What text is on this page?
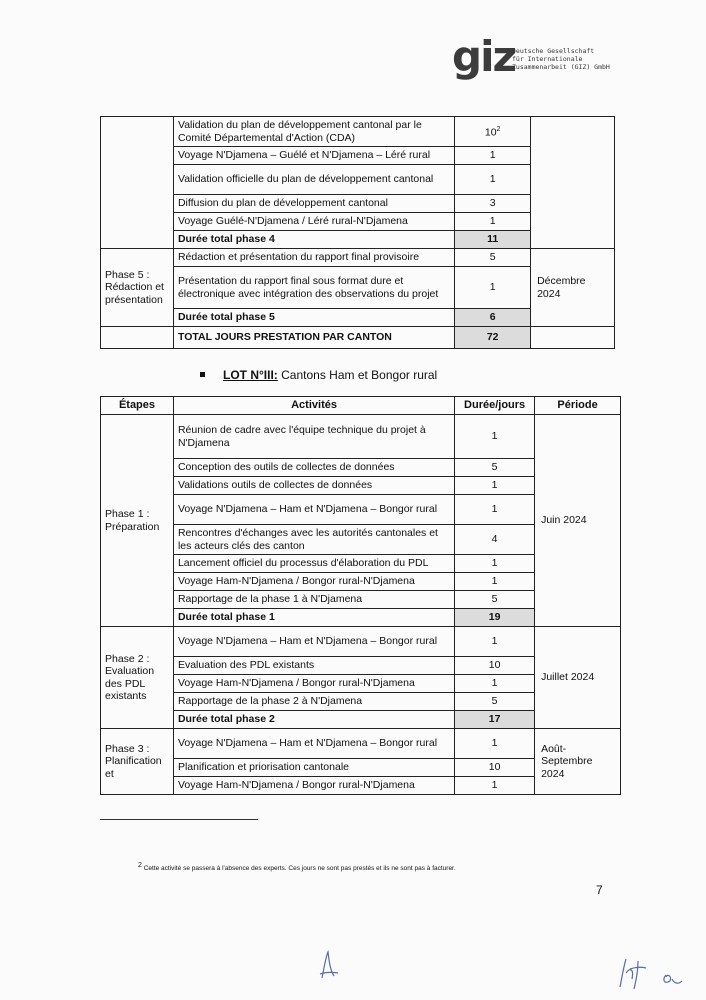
giz
Deutsche Gesellschaft
für Internationale
Zusammenarbeit (GIZ) GmbH
	Validation du plan de développement cantonal par le Comité Départemental d'Action (CDA)	$10^2$	
	Voyage N'Djamena – Guélé et N'Djamena – Léré rural	1	
	Validation officielle du plan de développement cantonal	1	
	Diffusion du plan de développement cantonal	3	
	Voyage Guélé-N'Djamena / Léré rural-N'Djamena	1	
	Durée total phase 4	11	
Phase 5 : Rédaction et présentation	Rédaction et présentation du rapport final provisoire	5	Décembre 2024
	Présentation du rapport final sous format dure et électronique avec intégration des observations du projet	1	
	Durée total phase 5	6	
	TOTAL JOURS PRESTATION PAR CANTON	72	
LOT N°III: Cantons Ham et Bongor rural
Étapes	Activités	Durée/jours	Période
Phase 1 : Préparation	Réunion de cadre avec l'équipe technique du projet à N'Djamena	1	Juin 2024
	Conception des outils de collectes de données	5	
	Validations outils de collectes de données	1	
	Voyage N'Djamena – Ham et N'Djamena – Bongor rural	1	
	Rencontres d'échanges avec les autorités cantonales et les acteurs clés des canton	4	
	Lancement officiel du processus d'élaboration du PDL	1	
	Voyage Ham-N'Djamena / Bongor rural-N'Djamena	1	
	Rapportage de la phase 1 à N'Djamena	5	
	Durée total phase 1	19	
Phase 2 : Evaluation des PDL existants	Voyage N'Djamena – Ham et N'Djamena – Bongor rural	1	Juillet 2024
	Evaluation des PDL existants	10	
	Voyage Ham-N'Djamena / Bongor rural-N'Djamena	1	
	Rapportage de la phase 2 à N'Djamena	5	
	Durée total phase 2	17	
Phase 3 : Planification et	Voyage N'Djamena – Ham et N'Djamena – Bongor rural	1	Août-Septembre 2024
	Planification et priorisation cantonale	10	
	Voyage Ham-N'Djamena / Bongor rural-N'Djamena	1	
$^2$ Cette activité se passera à l'absence des experts. Ces jours ne sont pas prestés et ils ne sont pas à facturer.
7
